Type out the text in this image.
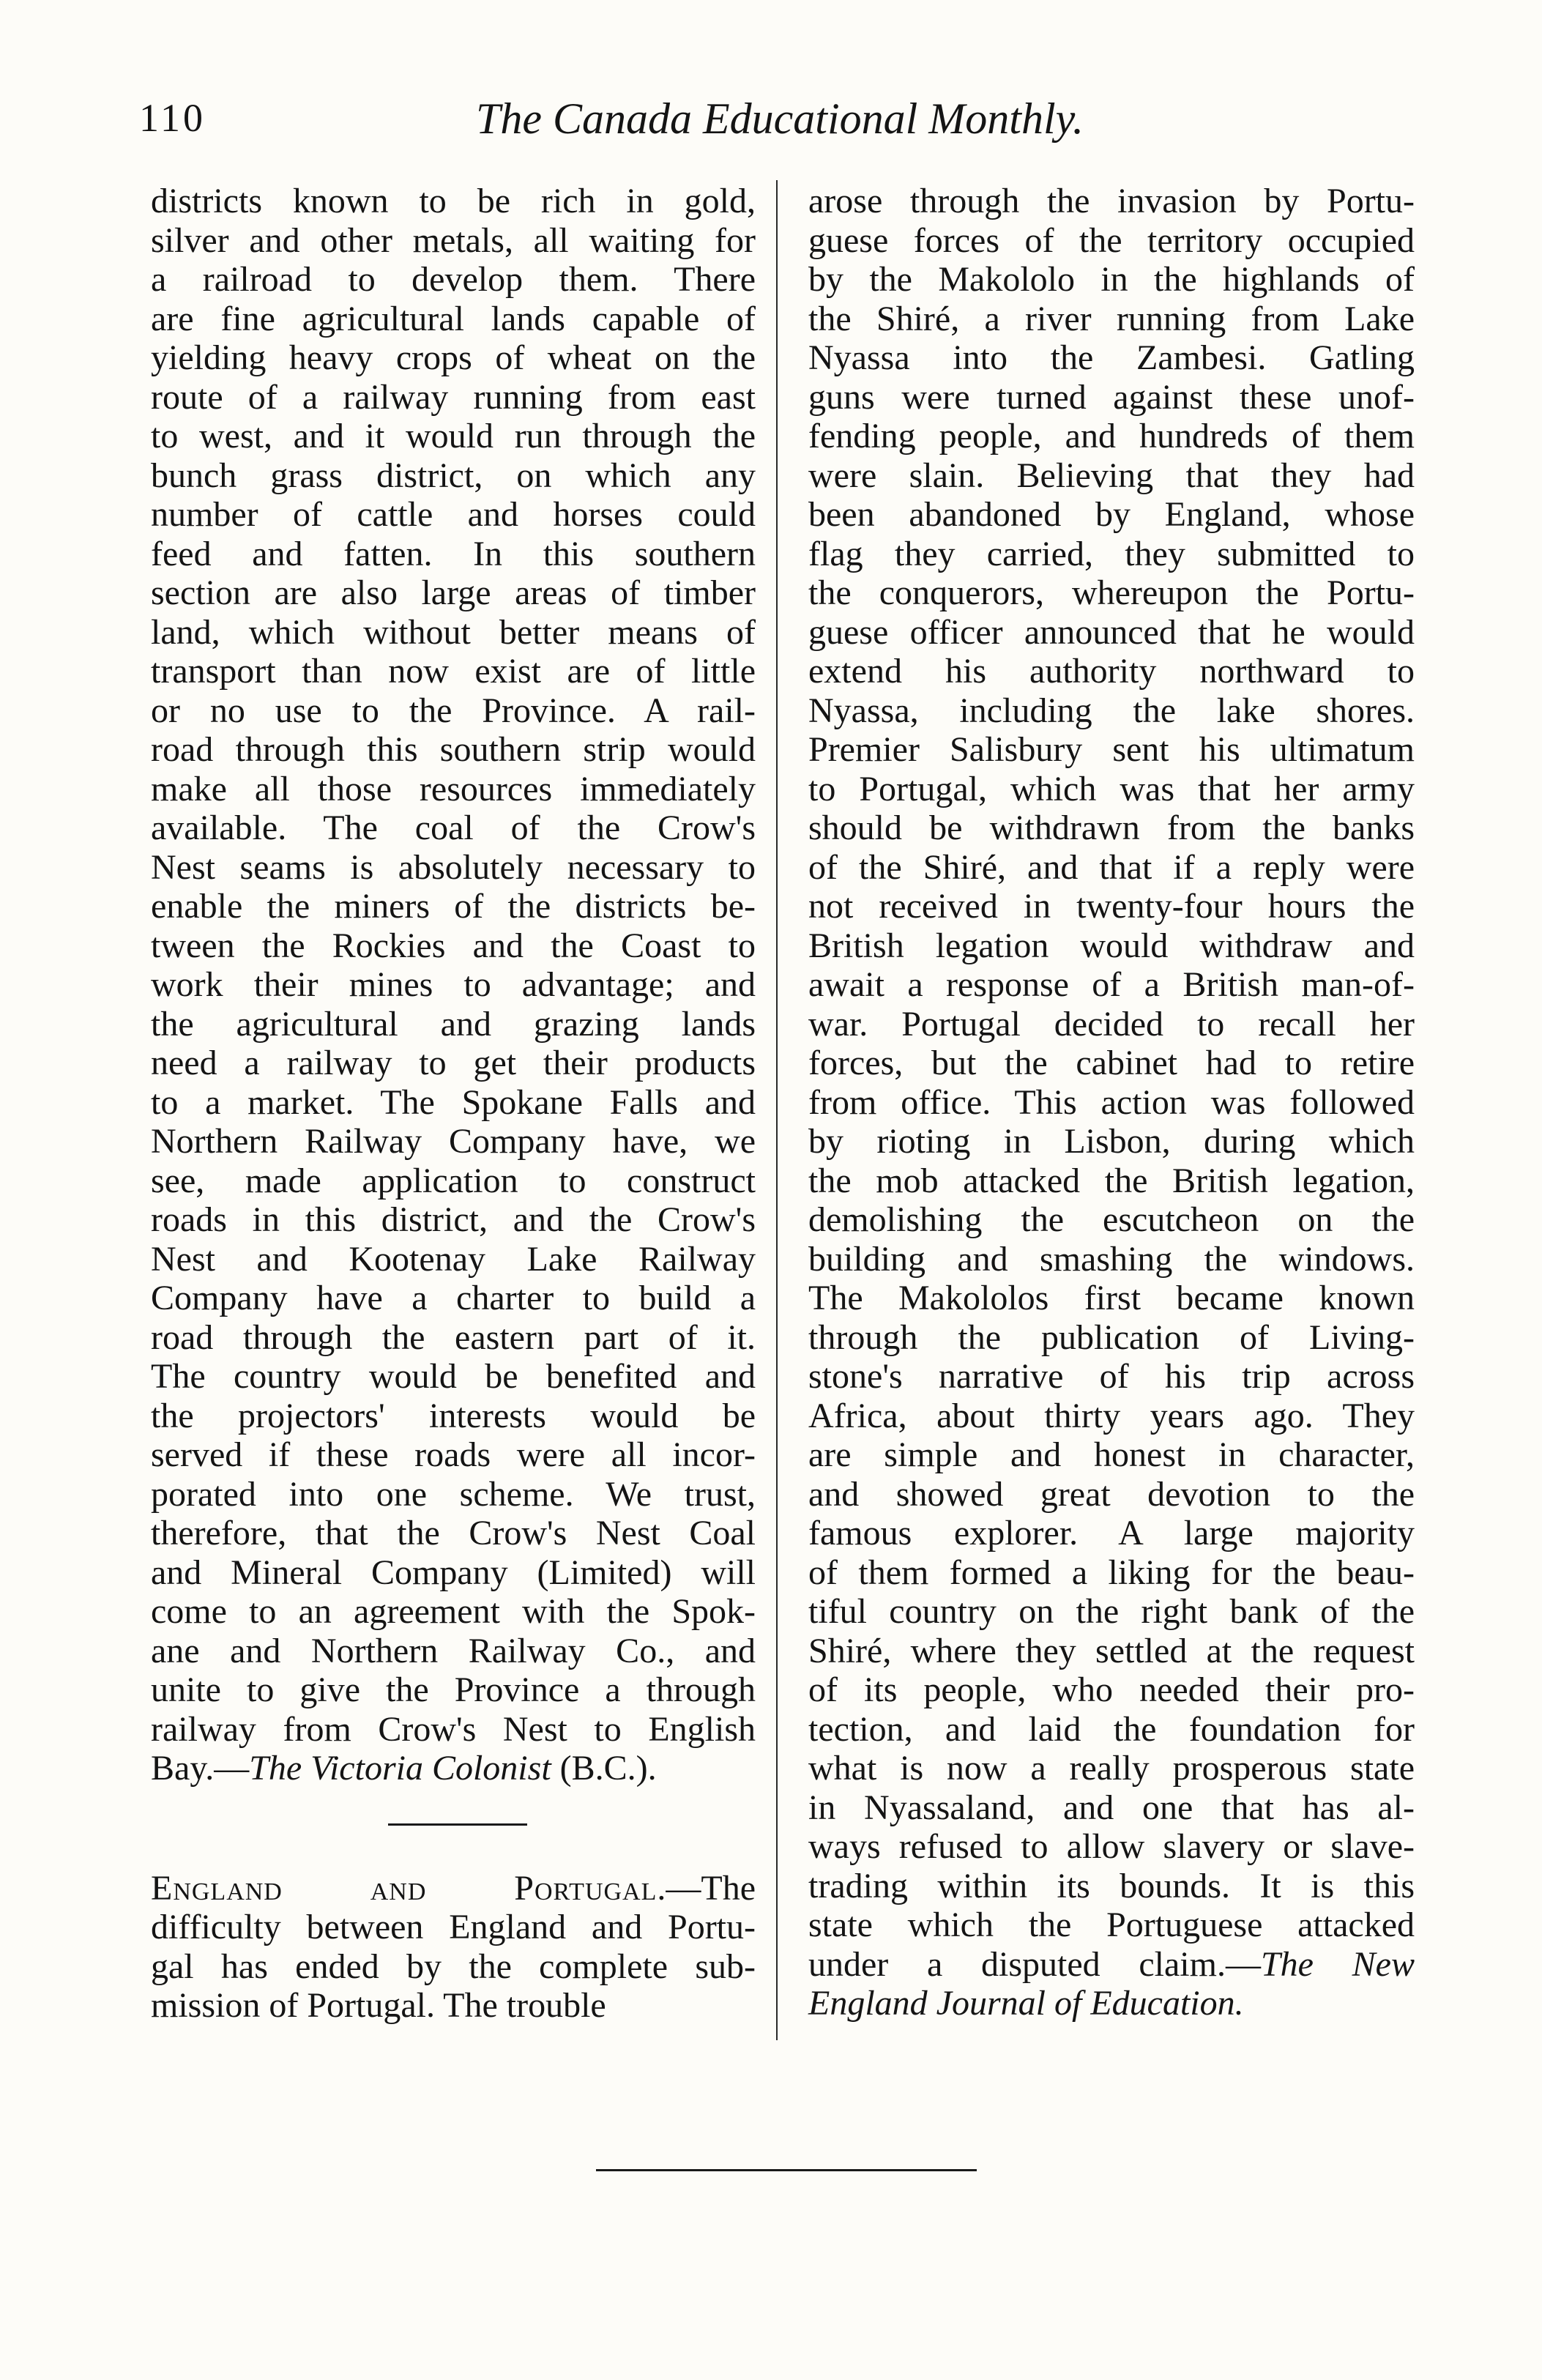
110	The Canada Educational Monthly.
districts known to be rich in gold,
silver and other metals, all waiting for
a railroad to develop them. There
are fine agricultural lands capable of
yielding heavy crops of wheat on the
route of a railway running from east
to west, and it would run through the
bunch grass district, on which any
number of cattle and horses could
feed and fatten. In this southern
section are also large areas of timber
land, which without better means of
transport than now exist are of little
or no use to the Province. A rail-
road through this southern strip would
make all those resources immediately
available. The coal of the Crow's
Nest seams is absolutely necessary to
enable the miners of the districts be-
tween the Rockies and the Coast to
work their mines to advantage; and
the agricultural and grazing lands
need a railway to get their products
to a market. The Spokane Falls and
Northern Railway Company have, we
see, made application to construct
roads in this district, and the Crow's
Nest and Kootenay Lake Railway
Company have a charter to build a
road through the eastern part of it.
The country would be benefited and
the projectors' interests would be
served if these roads were all incor-
porated into one scheme. We trust,
therefore, that the Crow's Nest Coal
and Mineral Company (Limited) will
come to an agreement with the Spok-
ane and Northern Railway Co., and
unite to give the Province a through
railway from Crow's Nest to English
Bay.—The Victoria Colonist (B.C.).
England and Portugal.—The
difficulty between England and Portu-
gal has ended by the complete sub-
mission of Portugal. The trouble
arose through the invasion by Portu-
guese forces of the territory occupied
by the Makololo in the highlands of
the Shiré, a river running from Lake
Nyassa into the Zambesi. Gatling
guns were turned against these unof-
fending people, and hundreds of them
were slain. Believing that they had
been abandoned by England, whose
flag they carried, they submitted to
the conquerors, whereupon the Portu-
guese officer announced that he would
extend his authority northward to
Nyassa, including the lake shores.
Premier Salisbury sent his ultimatum
to Portugal, which was that her army
should be withdrawn from the banks
of the Shiré, and that if a reply were
not received in twenty-four hours the
British legation would withdraw and
await a response of a British man-of-
war. Portugal decided to recall her
forces, but the cabinet had to retire
from office. This action was followed
by rioting in Lisbon, during which
the mob attacked the British legation,
demolishing the escutcheon on the
building and smashing the windows.
The Makololos first became known
through the publication of Living-
stone's narrative of his trip across
Africa, about thirty years ago. They
are simple and honest in character,
and showed great devotion to the
famous explorer. A large majority
of them formed a liking for the beau-
tiful country on the right bank of the
Shiré, where they settled at the request
of its people, who needed their pro-
tection, and laid the foundation for
what is now a really prosperous state
in Nyassaland, and one that has al-
ways refused to allow slavery or slave-
trading within its bounds. It is this
state which the Portuguese attacked
under a disputed claim.—The New
England Journal of Education.
